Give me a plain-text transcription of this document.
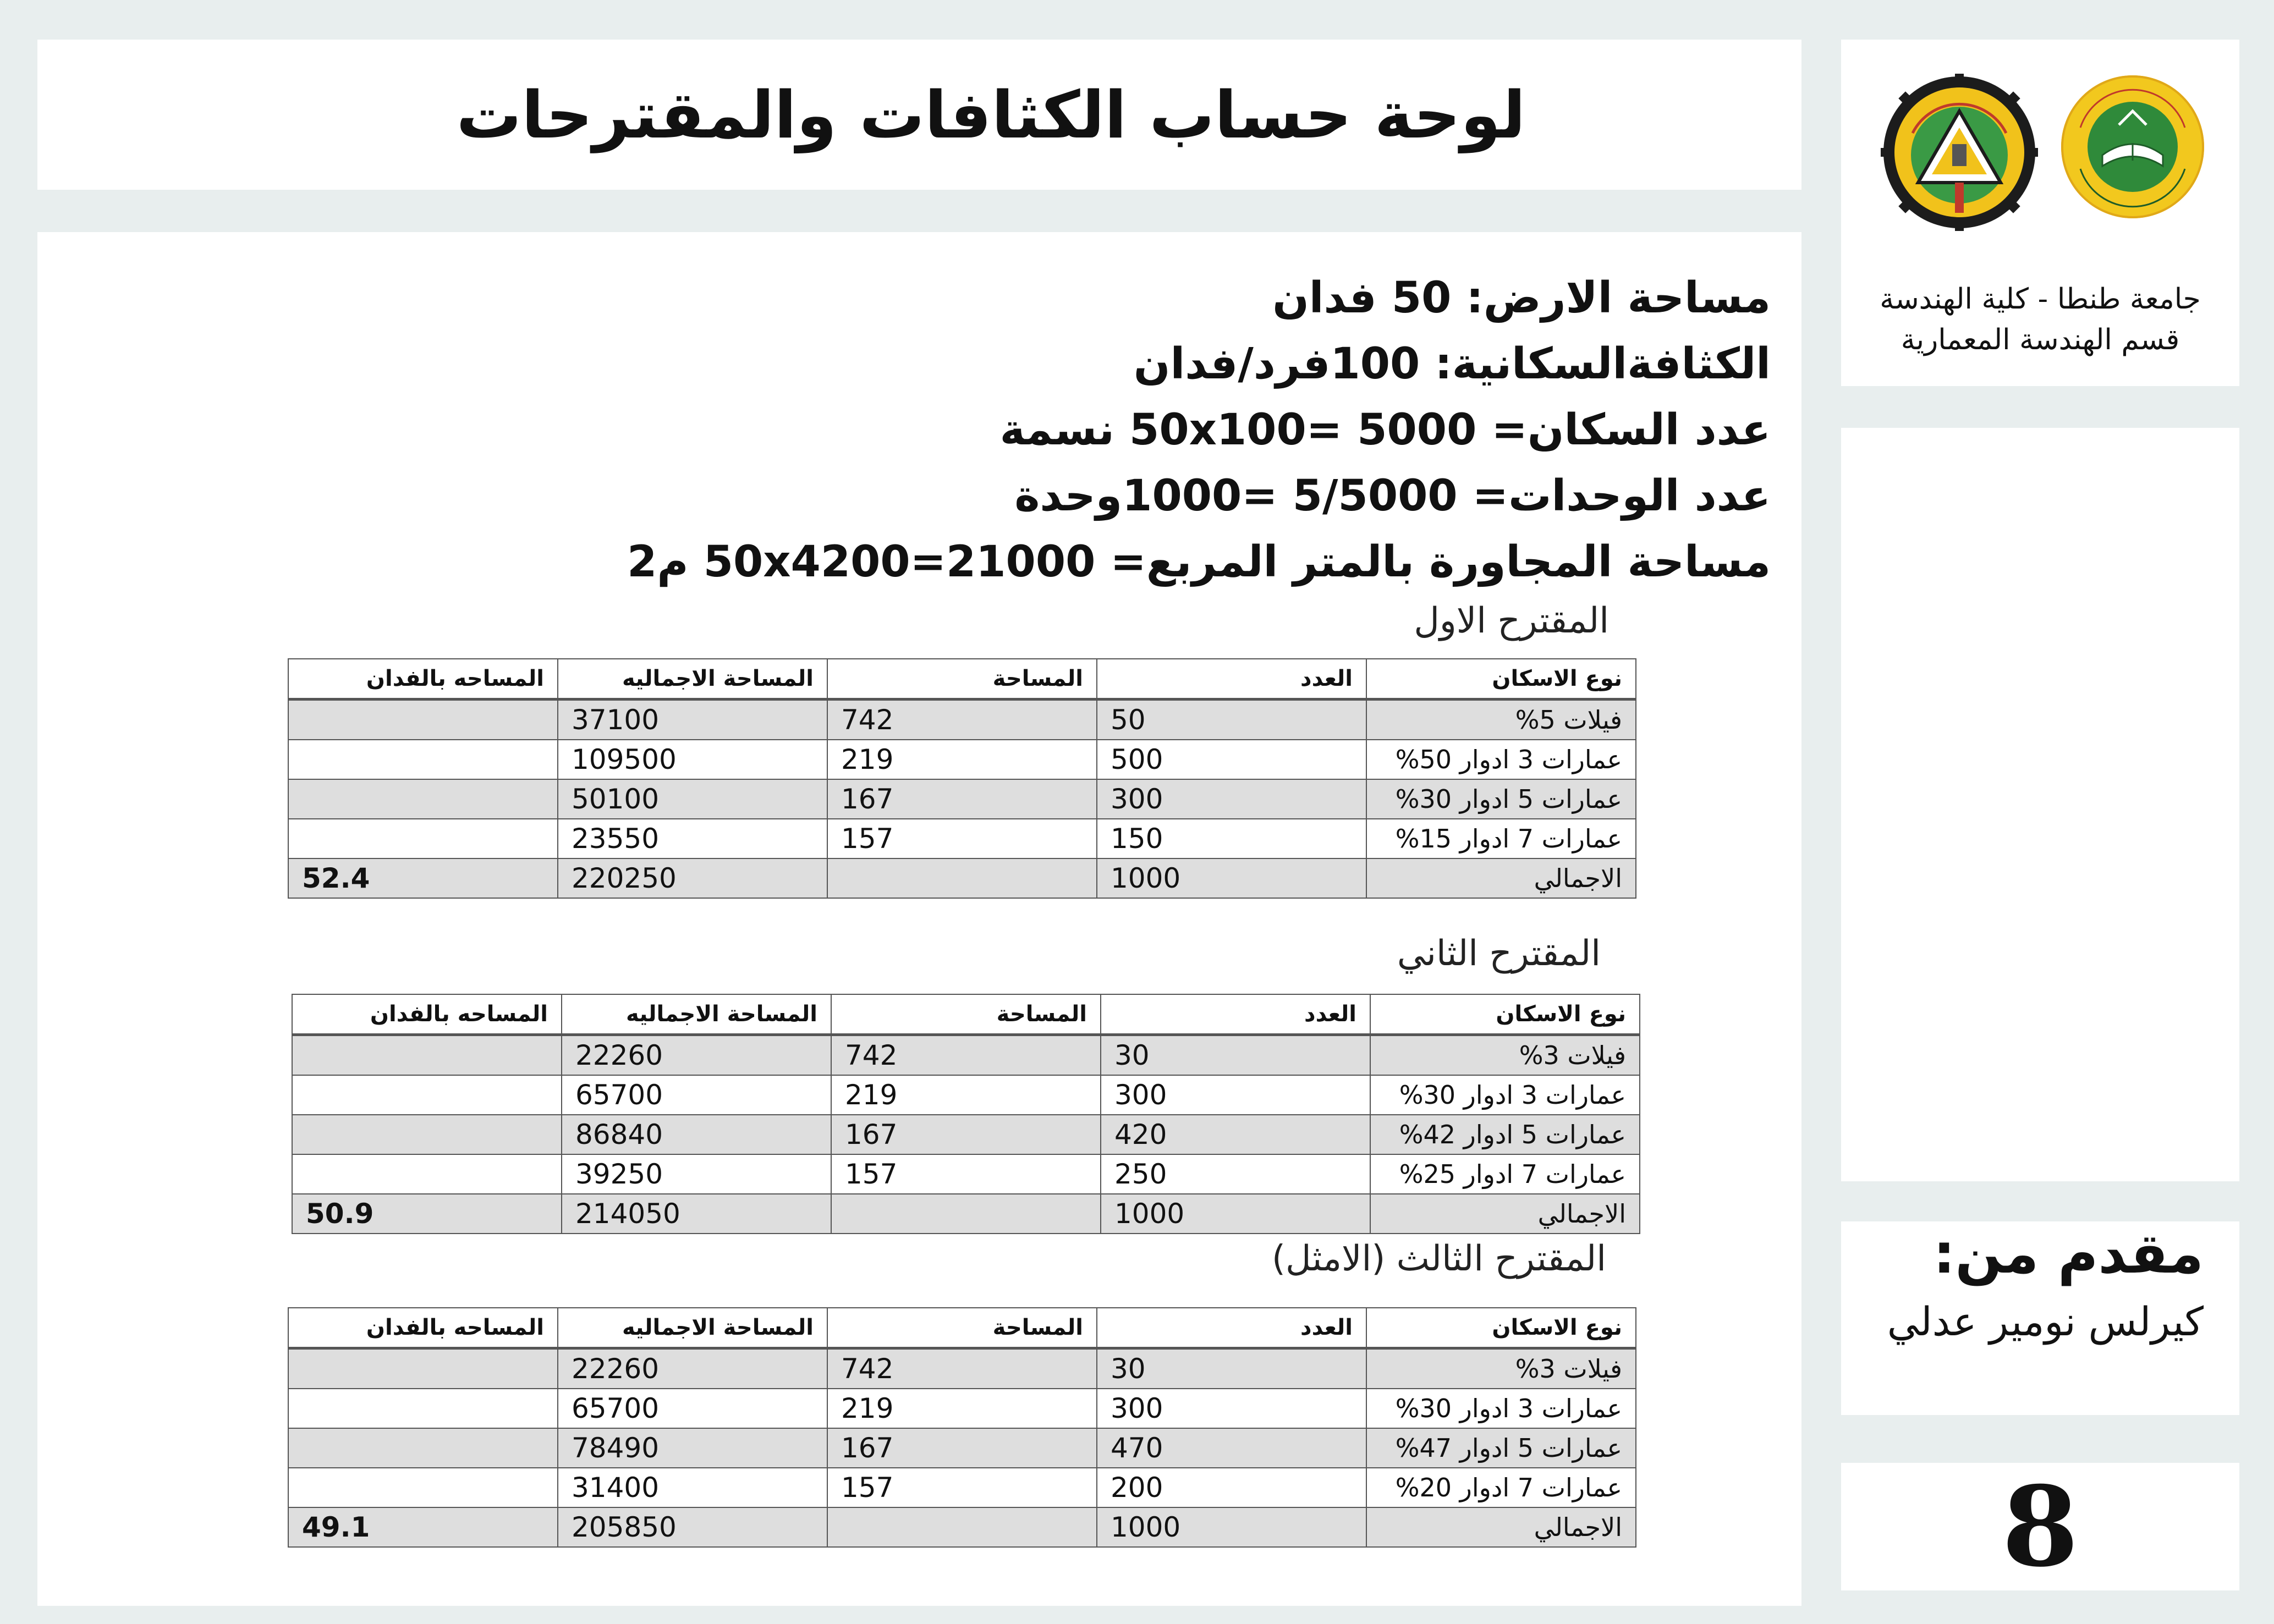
لوحة حساب الكثافات والمقترحات
جامعة طنطا - كلية الهندسة
قسم الهندسة المعمارية
مقدم من:
كيرلس نومير عدلي
8
مساحة الارض: 50 فدان
الكثافةالسكانية: 100فرد/فدان
عدد السكان= 5000 =50x100 نسمة
عدد الوحدات= 5/5000 =1000وحدة
مساحة المجاورة بالمتر المربع= 50x4200=21000 م2
المقترح الاول
نوع الاسكان	العدد	المساحة	المساحة الاجماليه	المساحه بالفدان
فيلات 5%	50	742	37100	
عمارات 3 ادوار 50%	500	219	109500	
عمارات 5 ادوار 30%	300	167	50100	
عمارات 7 ادوار 15%	150	157	23550	
الاجمالي	1000		220250	52.4
المقترح الثاني
نوع الاسكان	العدد	المساحة	المساحة الاجماليه	المساحه بالفدان
فيلات 3%	30	742	22260	
عمارات 3 ادوار 30%	300	219	65700	
عمارات 5 ادوار 42%	420	167	86840	
عمارات 7 ادوار 25%	250	157	39250	
الاجمالي	1000		214050	50.9
المقترح الثالث (الامثل)
نوع الاسكان	العدد	المساحة	المساحة الاجماليه	المساحه بالفدان
فيلات 3%	30	742	22260	
عمارات 3 ادوار 30%	300	219	65700	
عمارات 5 ادوار 47%	470	167	78490	
عمارات 7 ادوار 20%	200	157	31400	
الاجمالي	1000		205850	49.1
